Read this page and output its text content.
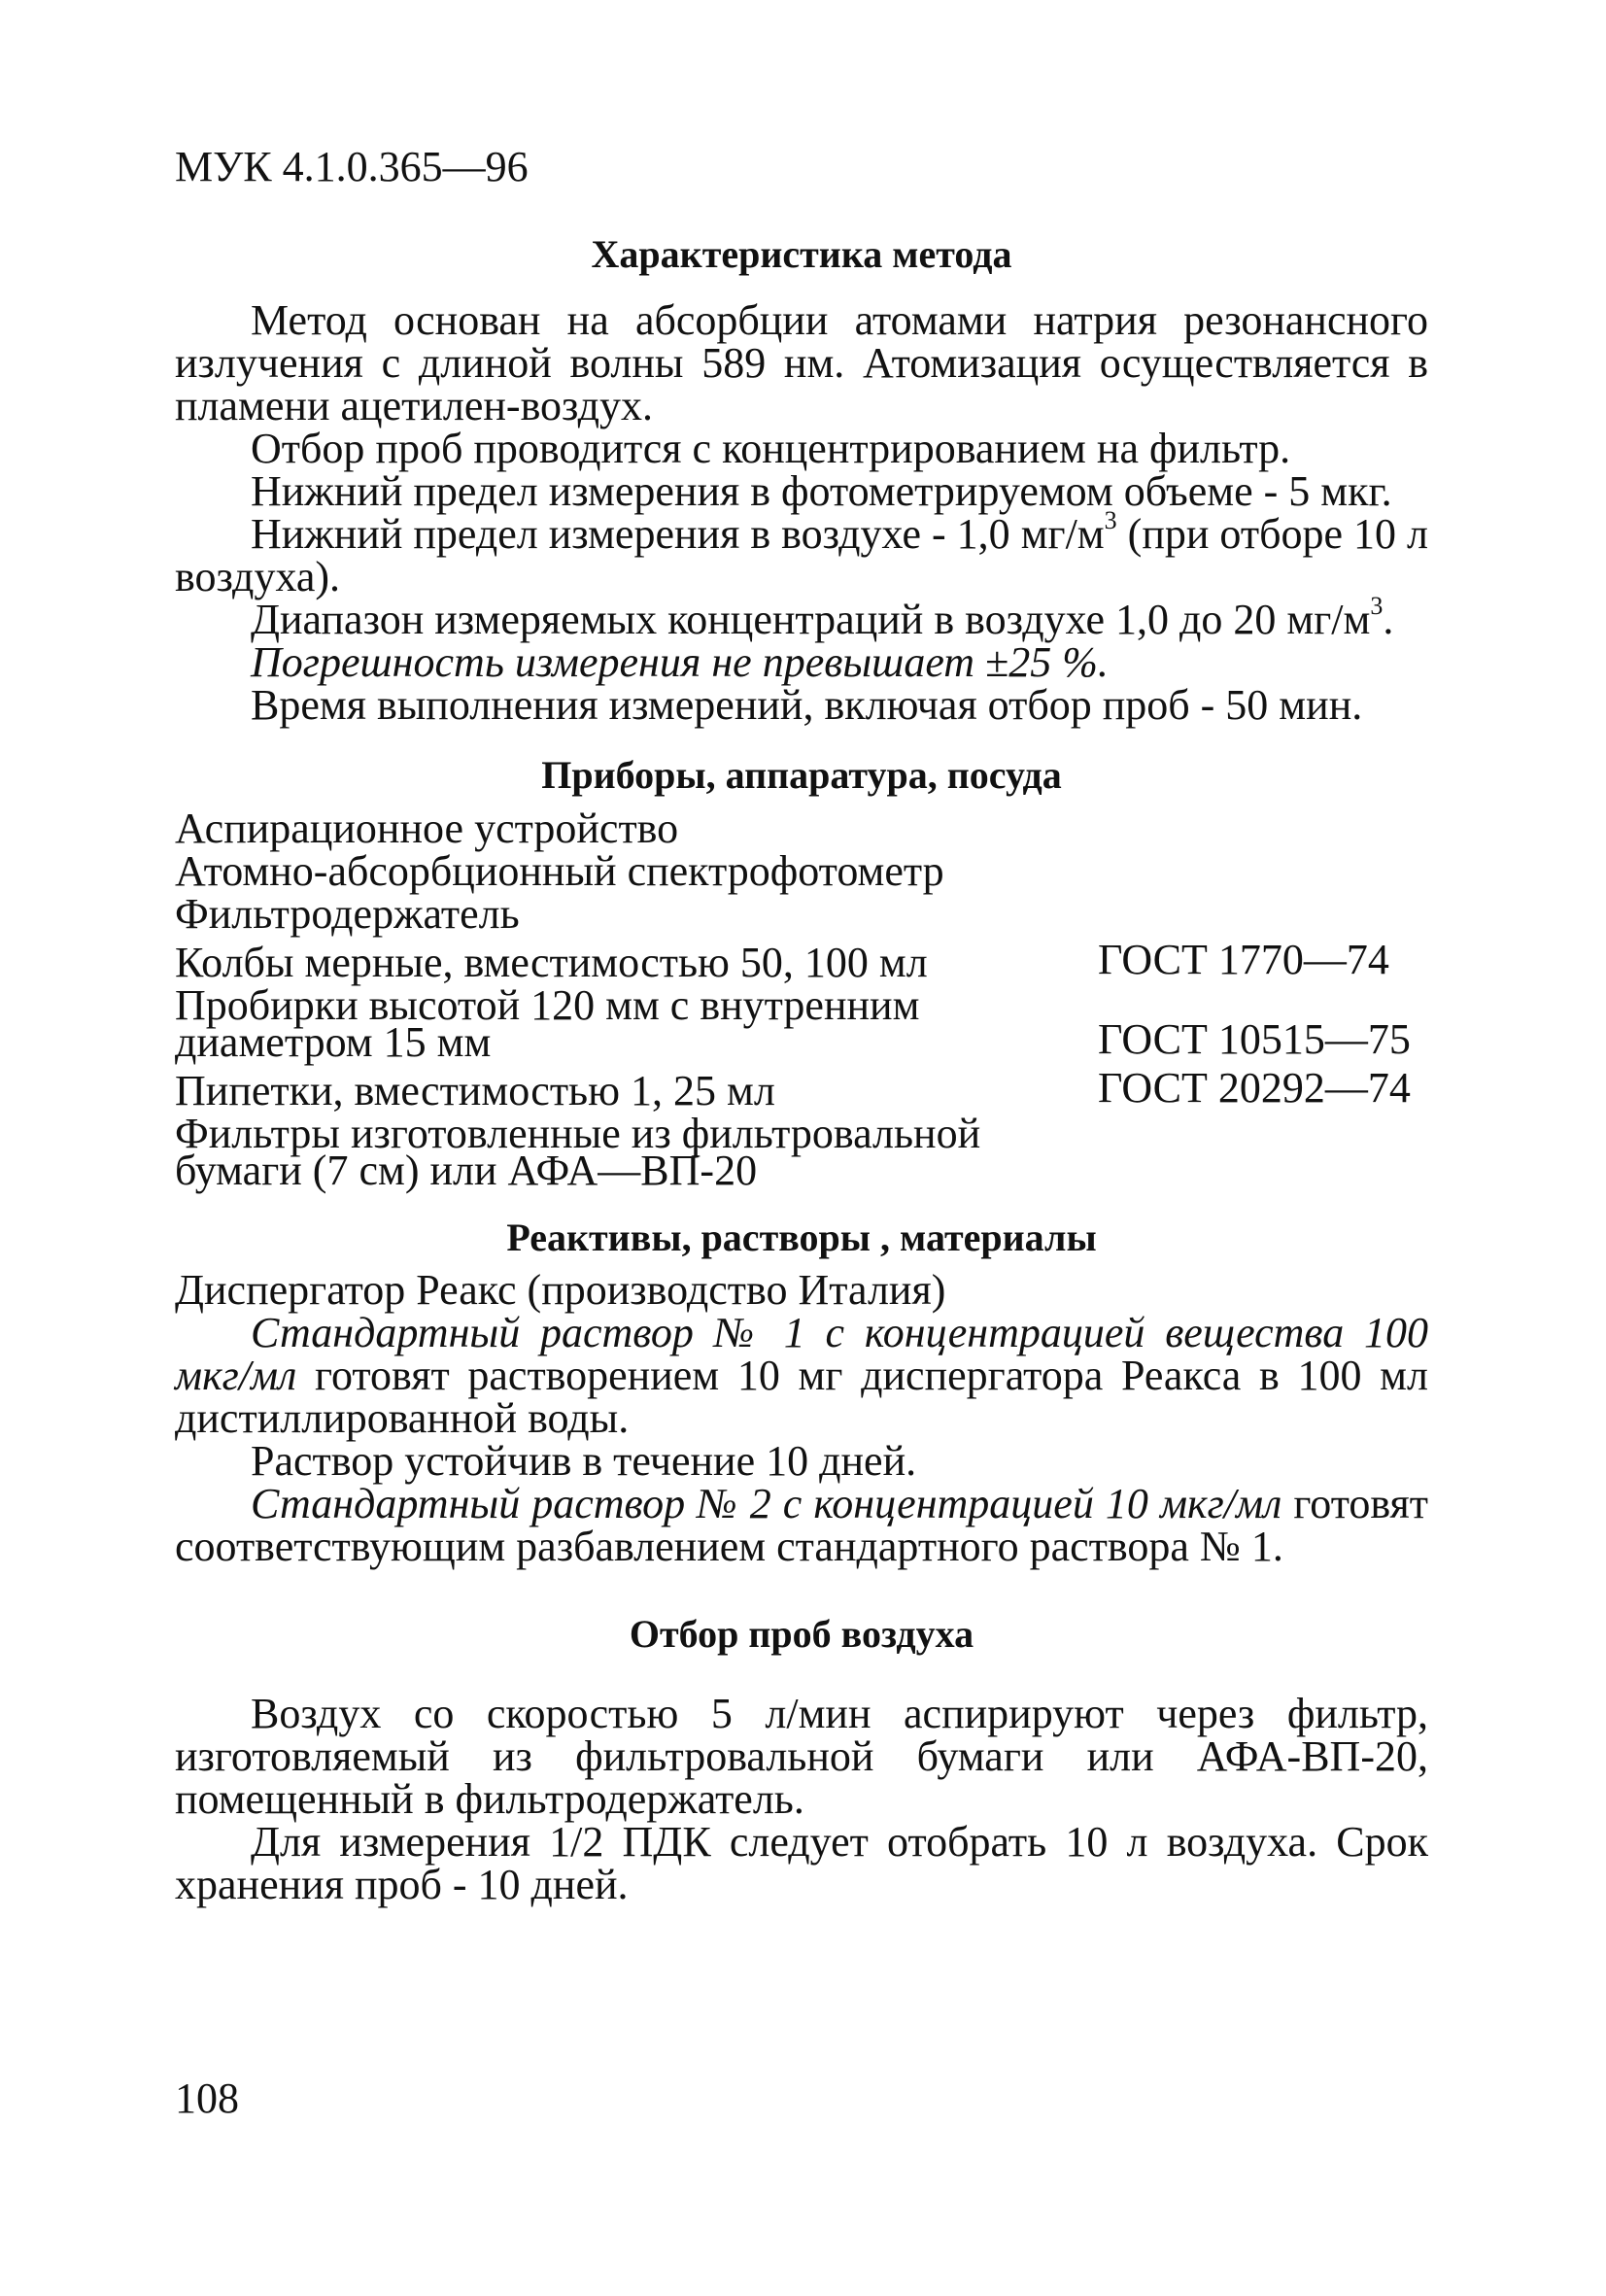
МУК 4.1.0.365—96
Характеристика метода

Метод основан на абсорбции атомами натрия резонансного излучения с длиной волны 589 нм. Атомизация осуществляется в пламени ацетилен-воздух.

Отбор проб проводится с концентрированием на фильтр.

Нижний предел измерения в фотометрируемом объеме - 5 мкг.

Нижний предел измерения в воздухе - 1,0 $мг/м^3$ (при отборе 10 л воздуха).

Диапазон измеряемых концентраций в воздухе 1,0 до 20 $мг/м^3$.

Погрешность измерения не превышает ±25 %.

Время выполнения измерений, включая отбор проб - 50 мин.

Приборы, аппаратура, посуда
Аспирационное устройство
Атомно-абсорбционный спектрофотометр
Фильтродержатель
Колбы мерные, вместимостью 50, 100 мл	ГОСТ 1770—74
Пробирки высотой 120 мм с внутренним диаметром 15 мм	ГОСТ 10515—75
Пипетки, вместимостью 1, 25 мл	ГОСТ 20292—74
Фильтры изготовленные из фильтровальной бумаги (7 см) или АФА—ВП-20
Реактивы, растворы , материалы

Диспергатор Реакс (производство Италия)

Стандартный раствор № 1 с концентрацией вещества 100 мкг/мл готовят растворением 10 мг диспергатора Реакса в 100 мл дистиллированной воды.

Раствор устойчив в течение 10 дней.

Стандартный раствор № 2 с концентрацией 10 мкг/мл готовят соответствующим разбавлением стандартного раствора № 1.

Отбор проб воздуха

Воздух со скоростью 5 л/мин аспирируют через фильтр, изготовляемый из фильтровальной бумаги или АФА-ВП-20, помещенный в фильтродержатель.

Для измерения 1/2 ПДК следует отобрать 10 л воздуха. Срок хранения проб - 10 дней.

108
